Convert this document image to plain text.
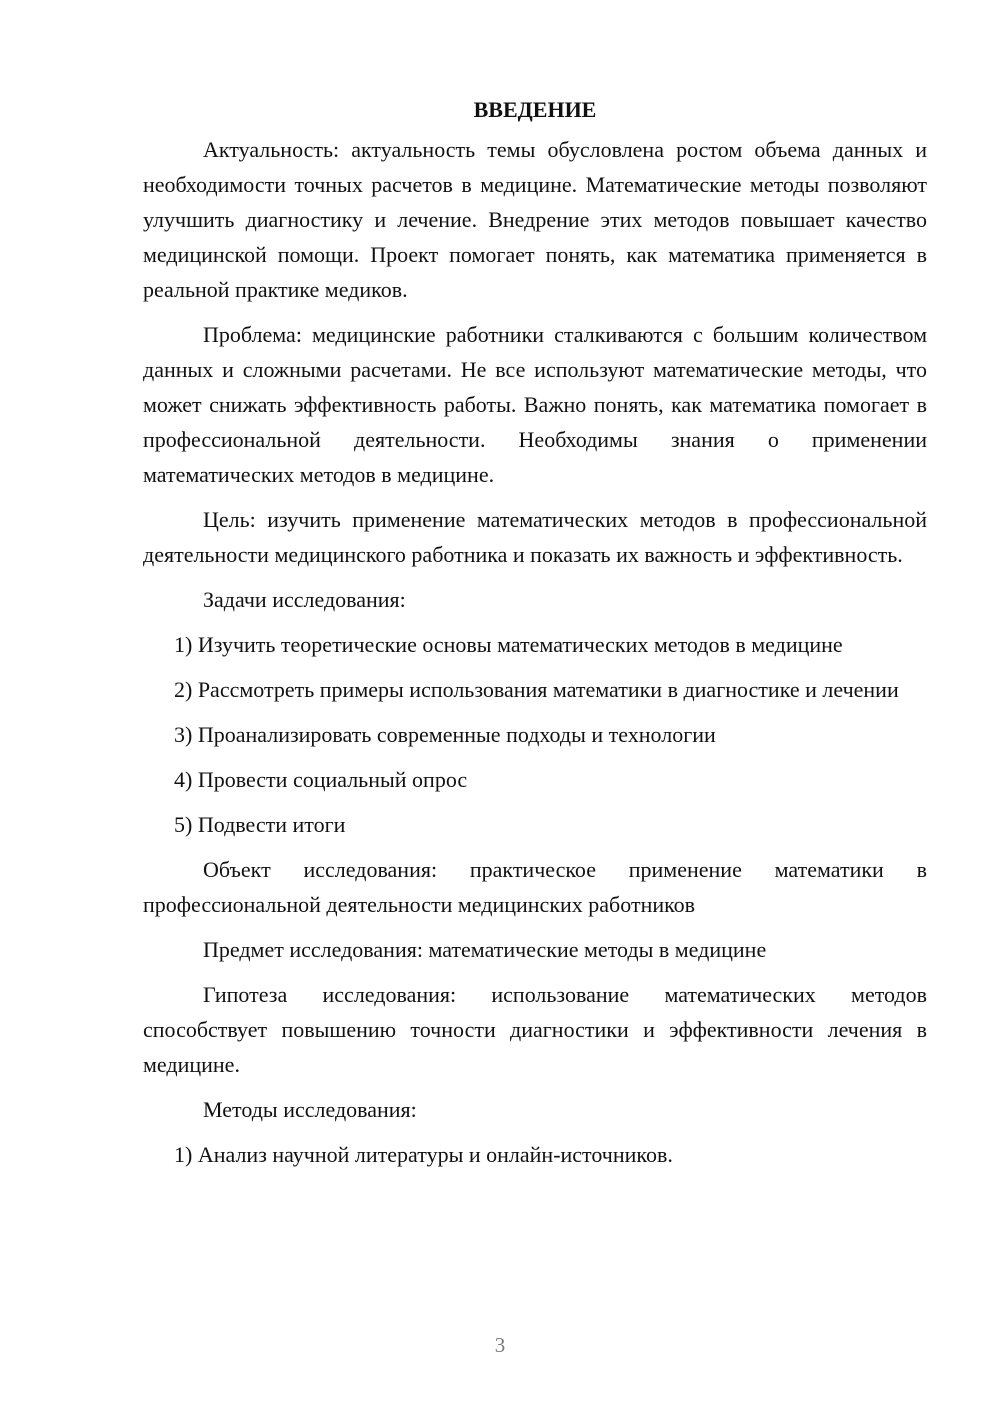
ВВЕДЕНИЕ

Актуальность: актуальность темы обусловлена ростом объема данных и необходимости точных расчетов в медицине. Математические методы позволяют улучшить диагностику и лечение. Внедрение этих методов повышает качество медицинской помощи. Проект помогает понять, как математика применяется в реальной практике медиков.

Проблема: медицинские работники сталкиваются с большим количеством данных и сложными расчетами. Не все используют математические методы, что может снижать эффективность работы. Важно понять, как математика помогает в профессиональной деятельности. Необходимы знания о применении математических методов в медицине.

Цель: изучить применение математических методов в профессиональной деятельности медицинского работника и показать их важность и эффективность.

Задачи исследования:

1) Изучить теоретические основы математических методов в медицине

2) Рассмотреть примеры использования математики в диагностике и лечении

3) Проанализировать современные подходы и технологии

4) Провести социальный опрос

5) Подвести итоги

Объект исследования: практическое применение математики в профессиональной деятельности медицинских работников

Предмет исследования: математические методы в медицине

Гипотеза исследования: использование математических методов способствует повышению точности диагностики и эффективности лечения в медицине.

Методы исследования:

1) Анализ научной литературы и онлайн-источников.

3
